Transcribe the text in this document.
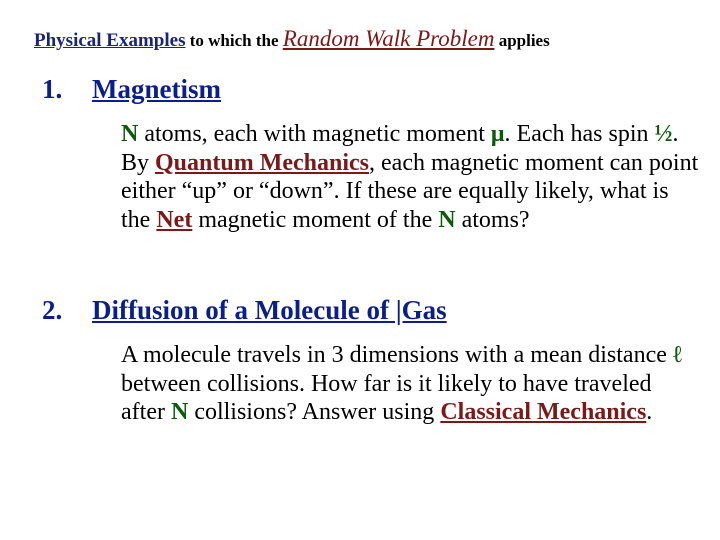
Physical Examples to which the Random Walk Problem applies
1. Magnetism
N atoms, each with magnetic moment μ. Each has spin ½. By Quantum Mechanics, each magnetic moment can point either “up” or “down”. If these are equally likely, what is the Net magnetic moment of the N atoms?
2. Diffusion of a Molecule of |Gas
A molecule travels in 3 dimensions with a mean distance ℓ between collisions. How far is it likely to have traveled after N collisions? Answer using Classical Mechanics.
